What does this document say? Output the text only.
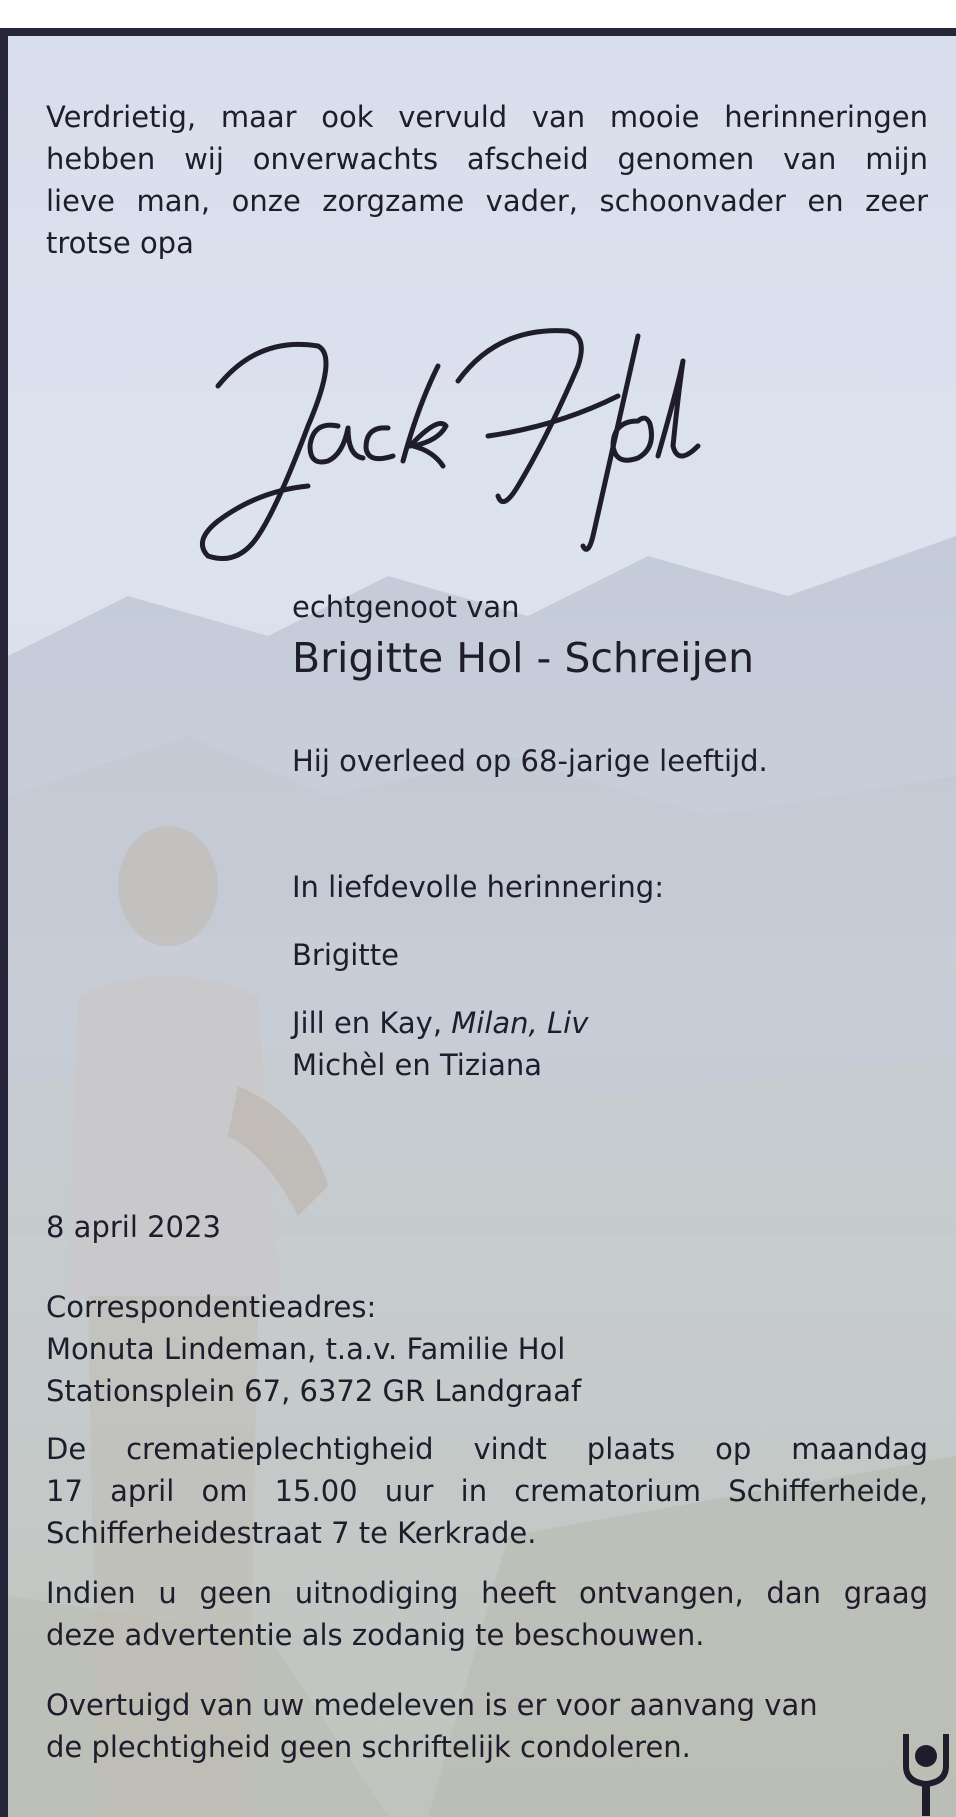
Verdrietig, maar ook vervuld van mooie herinneringen
hebben wij onverwachts afscheid genomen van mijn
lieve man, onze zorgzame vader, schoonvader en zeer
trotse opa
echtgenoot van
Brigitte Hol - Schreijen
Hij overleed op 68-jarige leeftijd.
In liefdevolle herinnering:
Brigitte
Jill en Kay, Milan, Liv
Michèl en Tiziana
8 april 2023
Correspondentieadres:
Monuta Lindeman, t.a.v. Familie Hol
Stationsplein 67, 6372 GR Landgraaf
De crematieplechtigheid vindt plaats op maandag
17 april om 15.00 uur in crematorium Schifferheide,
Schifferheidestraat 7 te Kerkrade.
Indien u geen uitnodiging heeft ontvangen, dan graag
deze advertentie als zodanig te beschouwen.
Overtuigd van uw medeleven is er voor aanvang van
de plechtigheid geen schriftelijk condoleren.
